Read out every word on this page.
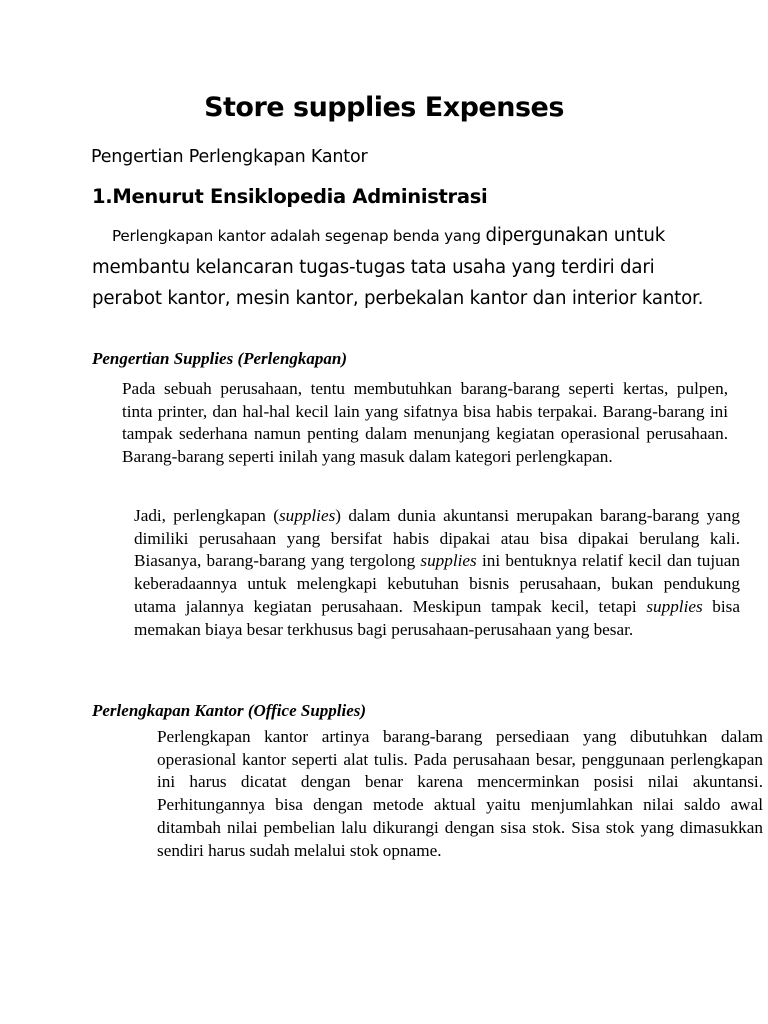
Store supplies Expenses
Pengertian Perlengkapan Kantor
1.Menurut Ensiklopedia Administrasi
Perlengkapan kantor adalah segenap benda yang dipergunakan untuk membantu kelancaran tugas-tugas tata usaha yang terdiri dari perabot kantor, mesin kantor, perbekalan kantor dan interior kantor.
Pengertian Supplies (Perlengkapan)
Pada sebuah perusahaan, tentu membutuhkan barang-barang seperti kertas, pulpen, tinta printer, dan hal-hal kecil lain yang sifatnya bisa habis terpakai. Barang-barang ini tampak sederhana namun penting dalam menunjang kegiatan operasional perusahaan. Barang-barang seperti inilah yang masuk dalam kategori perlengkapan.
Jadi, perlengkapan (supplies) dalam dunia akuntansi merupakan barang-barang yang dimiliki perusahaan yang bersifat habis dipakai atau bisa dipakai berulang kali. Biasanya, barang-barang yang tergolong supplies ini bentuknya relatif kecil dan tujuan keberadaannya untuk melengkapi kebutuhan bisnis perusahaan, bukan pendukung utama jalannya kegiatan perusahaan. Meskipun tampak kecil, tetapi supplies bisa memakan biaya besar terkhusus bagi perusahaan-perusahaan yang besar.
Perlengkapan Kantor (Office Supplies)
Perlengkapan kantor artinya barang-barang persediaan yang dibutuhkan dalam operasional kantor seperti alat tulis. Pada perusahaan besar, penggunaan perlengkapan ini harus dicatat dengan benar karena mencerminkan posisi nilai akuntansi. Perhitungannya bisa dengan metode aktual yaitu menjumlahkan nilai saldo awal ditambah nilai pembelian lalu dikurangi dengan sisa stok. Sisa stok yang dimasukkan sendiri harus sudah melalui stok opname.
